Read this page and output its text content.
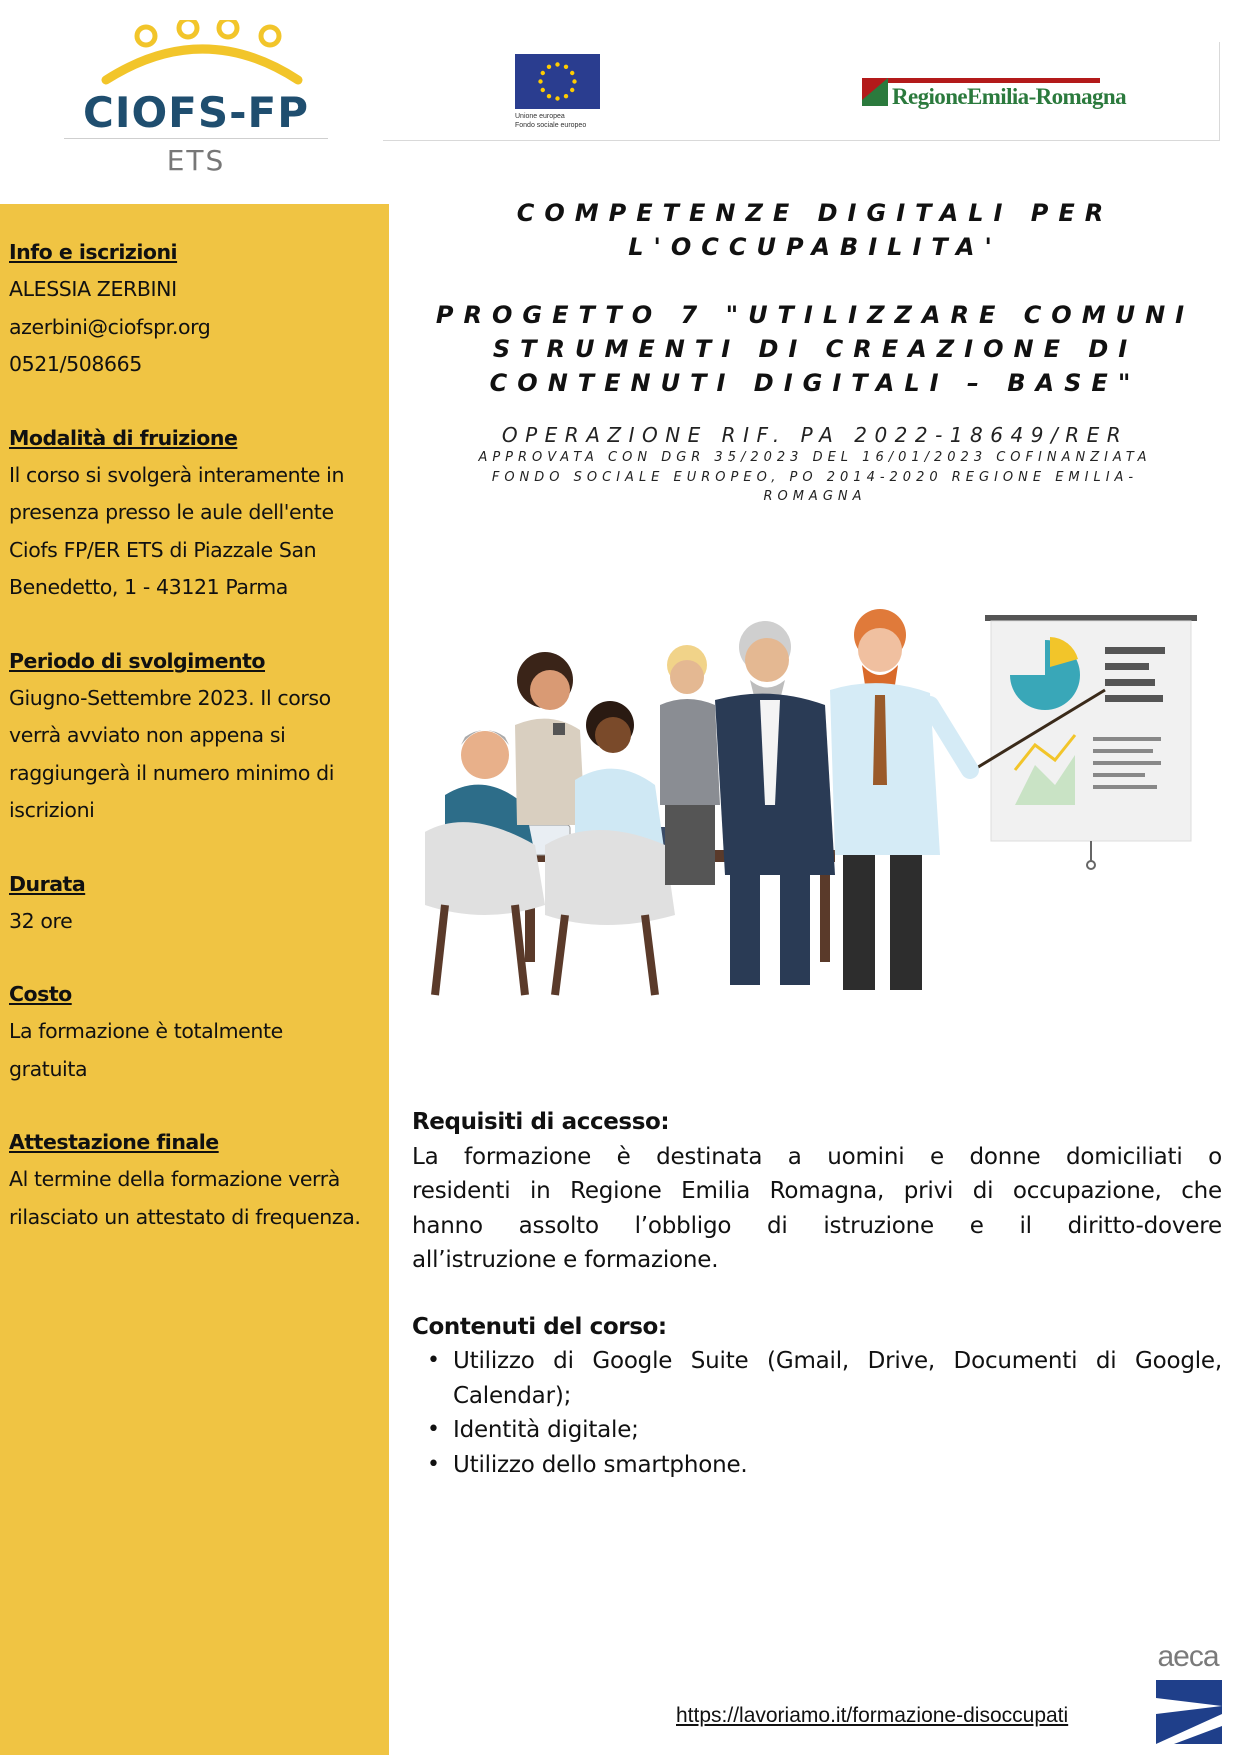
CIOFS-FP
ETS
Unione europea
Fondo sociale europeo
RegioneEmilia-Romagna
Info e iscrizioni
ALESSIA ZERBINI
azerbini@ciofspr.org
0521/508665
Modalità di fruizione
Il corso si svolgerà interamente in
presenza presso le aule dell'ente
Ciofs FP/ER ETS di Piazzale San
Benedetto, 1 - 43121 Parma
Periodo di svolgimento
Giugno-Settembre 2023. Il corso
verrà avviato non appena si
raggiungerà il numero minimo di
iscrizioni
Durata
32 ore
Costo
La formazione è totalmente
gratuita
Attestazione finale
Al termine della formazione verrà
rilasciato un attestato di frequenza.
COMPETENZE DIGITALI PER
L'OCCUPABILITA'
PROGETTO 7 "UTILIZZARE COMUNI
STRUMENTI DI CREAZIONE DI
CONTENUTI DIGITALI – BASE"
OPERAZIONE RIF. PA 2022-18649/RER
APPROVATA CON DGR 35/2023 DEL 16/01/2023 COFINANZIATA
FONDO SOCIALE EUROPEO, PO 2014-2020 REGIONE EMILIA-
ROMAGNA
Requisiti di accesso:
La formazione è destinata a uomini e donne domiciliati o
residenti in Regione Emilia Romagna, privi di occupazione, che
hanno assolto l’obbligo di istruzione e il diritto-dovere
all’istruzione e formazione.
Contenuti del corso:
• Utilizzo di Google Suite (Gmail, Drive, Documenti di Google,
Calendar);
• Identità digitale;
• Utilizzo dello smartphone.
https://lavoriamo.it/formazione-disoccupati
aeca
